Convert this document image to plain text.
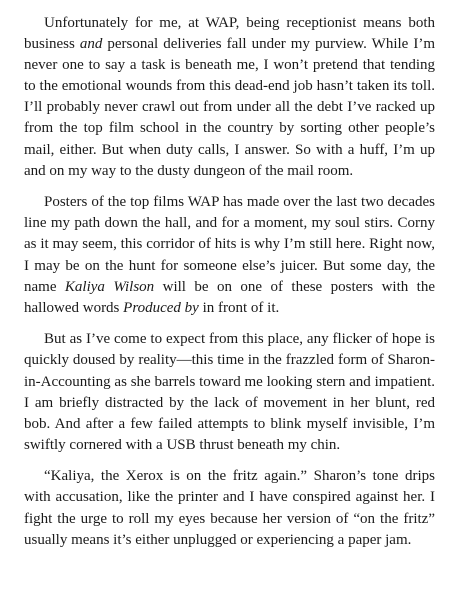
Unfortunately for me, at WAP, being receptionist means both business and personal deliveries fall under my purview. While I’m never one to say a task is beneath me, I won’t pretend that tending to the emotional wounds from this dead-end job hasn’t taken its toll. I’ll probably never crawl out from under all the debt I’ve racked up from the top film school in the country by sorting other people’s mail, either. But when duty calls, I answer. So with a huff, I’m up and on my way to the dusty dungeon of the mail room.

Posters of the top films WAP has made over the last two decades line my path down the hall, and for a moment, my soul stirs. Corny as it may seem, this corridor of hits is why I’m still here. Right now, I may be on the hunt for someone else’s juicer. But some day, the name Kaliya Wilson will be on one of these posters with the hallowed words Produced by in front of it.

But as I’ve come to expect from this place, any flicker of hope is quickly doused by reality—this time in the frazzled form of Sharon-in-Accounting as she barrels toward me looking stern and impatient. I am briefly distracted by the lack of movement in her blunt, red bob. And after a few failed attempts to blink myself invisible, I’m swiftly cornered with a USB thrust beneath my chin.

“Kaliya, the Xerox is on the fritz again.” Sharon’s tone drips with accusation, like the printer and I have conspired against her. I fight the urge to roll my eyes because her version of “on the fritz” usually means it’s either unplugged or experiencing a paper jam.
